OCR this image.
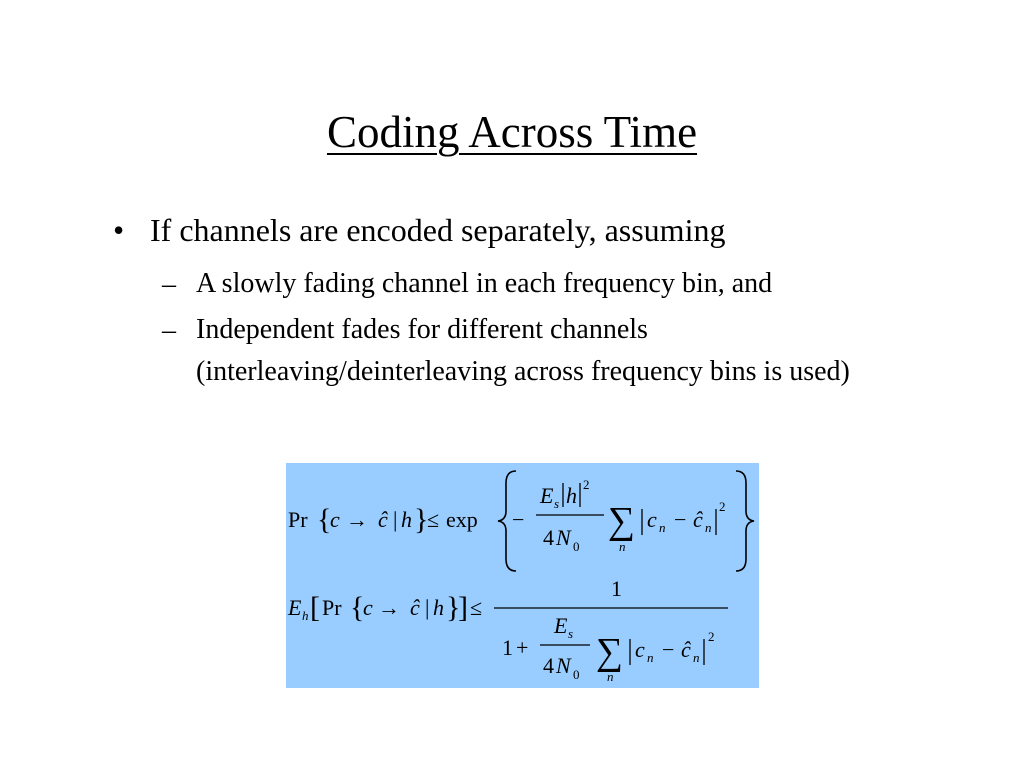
Coding Across Time
• If channels are encoded separately, assuming
– A slowly fading channel in each frequency bin, and
– Independent fades for different channels (interleaving/deinterleaving across frequency bins is used)
Pr {
c → ĉ | h }
≤ exp −
E s h 2
4 N 0
∑
n
c n − ĉ n
2
E h [ Pr {
c → ĉ | h }
] ≤
1
1 +
E s
4 N 0
∑
n
c n − ĉ n
2
